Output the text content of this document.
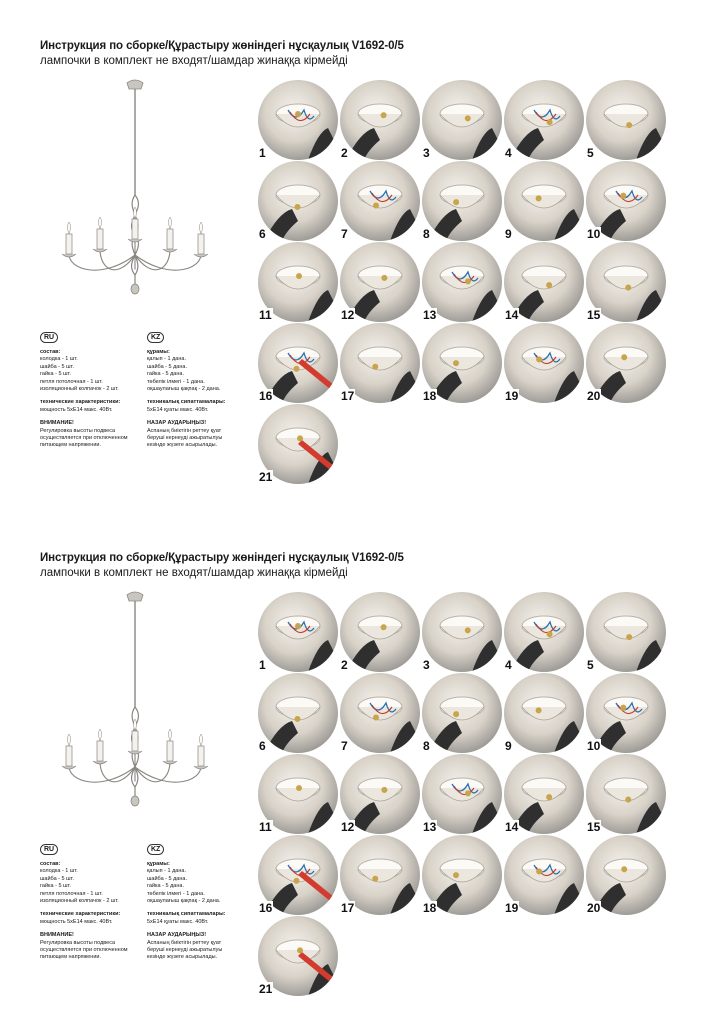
Инструкция по сборке/Құрастыру жөніндегі нұсқаулық V1692-0/5
лампочки в комплект не входят/шамдар жинаққа кірмейді
RU

состав:
колодка - 1 шт.
шайба - 5 шт.
гайка - 5 шт.
петля потолочная - 1 шт.
изоляционный колпачок - 2 шт.

технические характеристики:
мощность 5хЕ14 макс. 40Вт.

ВНИМАНИЕ!
Регулировка высоты подвеса
осуществляется при отключенном
питающем напряжении.

KZ

құрамы:
қалып - 1 дана.
шайба - 5 дана.
гайка - 5 дана.
төбелік ілмегі - 1 дана.
оқшаулағыш қақпақ - 2 дана.

техникалық сипаттамалары:
5хЕ14 қуаты макс. 40Вт.

НАЗАР АУДАРЫҢЫЗ!
Аспаның биіктігін реттеу қуат
беруші кернеуді ажыратылуы
кезінде жүзеге асырылады.

1	2	3	4	5
6	7	8	9	10
11	12	13	14	15
16	17	18	19	20
21
Инструкция по сборке/Құрастыру жөніндегі нұсқаулық V1692-0/5
лампочки в комплект не входят/шамдар жинаққа кірмейді
RU

состав:
колодка - 1 шт.
шайба - 5 шт.
гайка - 5 шт.
петля потолочная - 1 шт.
изоляционный колпачок - 2 шт.

технические характеристики:
мощность 5хЕ14 макс. 40Вт.

ВНИМАНИЕ!
Регулировка высоты подвеса
осуществляется при отключенном
питающем напряжении.

KZ

құрамы:
қалып - 1 дана.
шайба - 5 дана.
гайка - 5 дана.
төбелік ілмегі - 1 дана.
оқшаулағыш қақпақ - 2 дана.

техникалық сипаттамалары:
5хЕ14 қуаты макс. 40Вт.

НАЗАР АУДАРЫҢЫЗ!
Аспаның биіктігін реттеу қуат
беруші кернеуді ажыратылуы
кезінде жүзеге асырылады.

1	2	3	4	5
6	7	8	9	10
11	12	13	14	15
16	17	18	19	20
21
